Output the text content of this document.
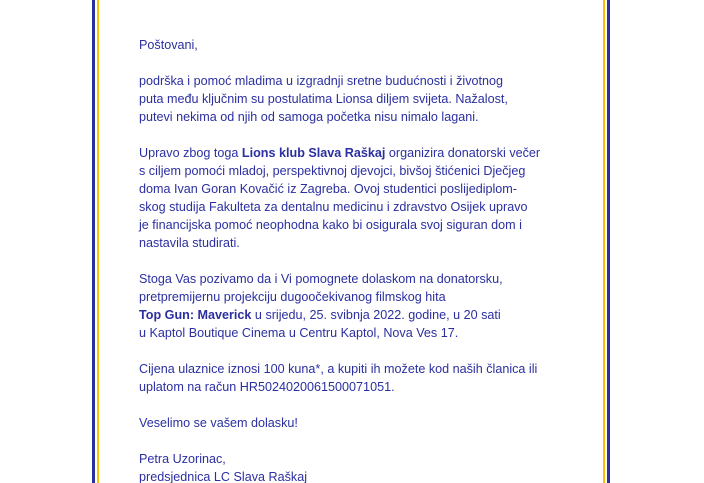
Poštovani,

podrška i pomoć mladima u izgradnji sretne budućnosti i životnog
puta među ključnim su postulatima Lionsa diljem svijeta. Nažalost,
putevi nekima od njih od samoga početka nisu nimalo lagani.

Upravo zbog toga Lions klub Slava Raškaj organizira donatorski večer
s ciljem pomoći mladoj, perspektivnoj djevojci, bivšoj štićenici Dječjeg
doma Ivan Goran Kovačić iz Zagreba. Ovoj studentici poslijediplom-
skog studija Fakulteta za dentalnu medicinu i zdravstvo Osijek upravo
je financijska pomoć neophodna kako bi osigurala svoj siguran dom i
nastavila studirati.

Stoga Vas pozivamo da i Vi pomognete dolaskom na donatorsku,
pretpremijernu projekciju dugoočekivanog filmskog hita
Top Gun: Maverick u srijedu, 25. svibnja 2022. godine, u 20 sati
u Kaptol Boutique Cinema u Centru Kaptol, Nova Ves 17.

Cijena ulaznice iznosi 100 kuna*, a kupiti ih možete kod naših članica ili
uplatom na račun HR5024020061500071051.

Veselimo se vašem dolasku!

Petra Uzorinac,
predsjednica LC Slava Raškaj
